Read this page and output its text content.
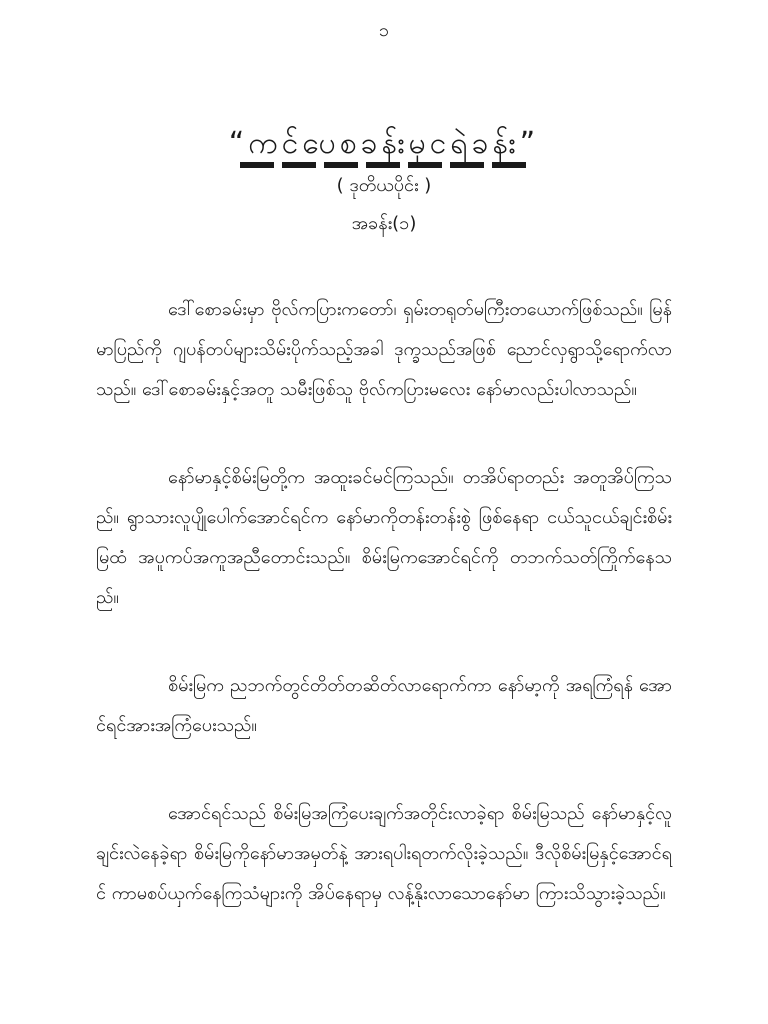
၁
“ကင်ပေစခန်းမှငရဲခန်း”
( ဒုတိယပိုင်း )
အခန်း(၁)

ဒေါ်စောခမ်းမှာ ဗိုလ်ကပြားကတော်၊ ရှမ်းတရုတ်မကြီးတယောက်ဖြစ်သည်။ မြန်မာပြည်ကို ဂျပန်တပ်များသိမ်းပိုက်သည့်အခါ ဒုက္ခသည်အဖြစ် ညောင်လှရွာသို့ရောက်လာသည်။ ဒေါ်စောခမ်းနှင့်အတူ သမီးဖြစ်သူ ဗိုလ်ကပြားမလေး နော်မာလည်းပါလာသည်။

နော်မာနှင့်စိမ်းမြတို့က အထူးခင်မင်ကြသည်။ တအိပ်ရာတည်း အတူအိပ်ကြသည်။ ရွာသားလူပျိုပေါက်အောင်ရင်က နော်မာကိုတန်းတန်းစွဲ ဖြစ်နေရာ ငယ်သူငယ်ချင်းစိမ်းမြထံ အပူကပ်အကူအညီတောင်းသည်။ စိမ်းမြကအောင်ရင်ကို တဘက်သတ်ကြိုက်နေသည်။

စိမ်းမြက ညဘက်တွင်တိတ်တဆိတ်လာရောက်ကာ နော်မာ့ကို အရကြံရန် အောင်ရင်အားအကြံပေးသည်။

အောင်ရင်သည် စိမ်းမြအကြံပေးချက်အတိုင်းလာခဲ့ရာ စိမ်းမြသည် နော်မာနှင့်လူချင်းလဲနေခဲ့ရာ စိမ်းမြကိုနော်မာအမှတ်နဲ့ အားရပါးရတက်လိုးခဲ့သည်။ ဒီလိုစိမ်းမြနှင့်အောင်ရင် ကာမစပ်ယှက်နေကြသံများကို အိပ်နေရာမှ လန့်နိုးလာသောနော်မာ ကြားသိသွားခဲ့သည်။
